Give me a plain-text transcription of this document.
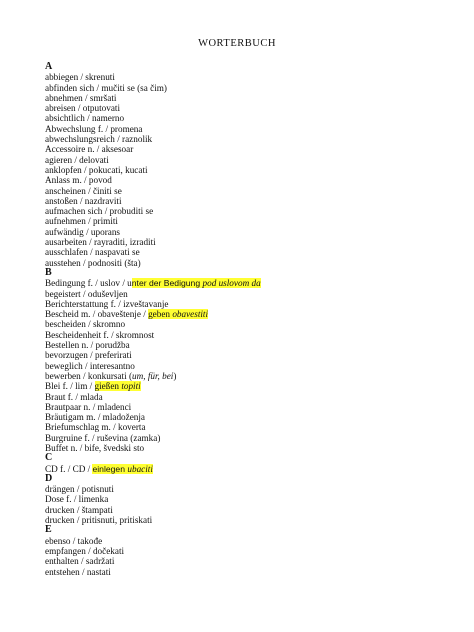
WORTERBUCH
A
abbiegen / skrenuti
abfinden sich / mučiti se (sa čim)
abnehmen / smršati
abreisen / otputovati
absichtlich / namerno
Abwechslung f. / promena
abwechslungsreich / raznolik
Accessoire n. / aksesoar
agieren / delovati
anklopfen / pokucati, kucati
Anlass m. / povod
anscheinen / činiti se
anstoßen / nazdraviti
aufmachen sich / probuditi se
aufnehmen / primiti
aufwändig / uporans
ausarbeiten / rayraditi, izraditi
ausschlafen / naspavati se
ausstehen / podnositi (šta)
B
Bedingung f. / uslov / unter der Bedigung pod uslovom da
begeistert / oduševljen
Berichterstattung f. / izveštavanje
Bescheid m. / obaveštenje / geben obavestiti
bescheiden / skromno
Bescheidenheit f. / skromnost
Bestellen n. / porudžba
bevorzugen / preferirati
beweglich / interesantno
bewerben / konkursati (um, für, bei)
Blei f. / lim / gießen topiti
Braut f. / mlada
Brautpaar n. / mladenci
Bräutigam m. / mladoženja
Briefumschlag m. / koverta
Burgruine f. / ruševina (zamka)
Buffet n. / bife, švedski sto
C
CD f. / CD / einlegen ubaciti
D
drängen / potisnuti
Dose f. / limenka
drucken / štampati
drucken / pritisnuti, pritiskati
E
ebenso / takođe
empfangen / dočekati
enthalten / sadržati
entstehen / nastati
